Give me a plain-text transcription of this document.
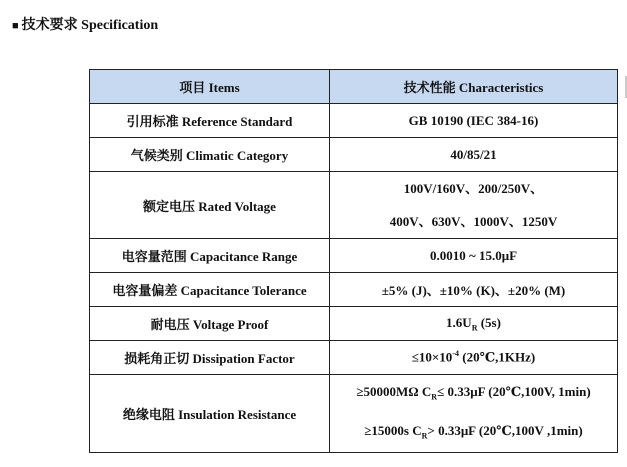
■ 技术要求 Specification
项目 Items	技术性能 Characteristics
引用标准 Reference Standard	GB 10190 (IEC 384-16)
气候类别 Climatic Category	40/85/21
额定电压 Rated Voltage	100V/160V、200/250V、
400V、630V、1000V、1250V

电容量范围 Capacitance Range	0.0010 ~ 15.0μF
电容量偏差 Capacitance Tolerance	±5% (J)、±10% (K)、±20% (M)
耐电压 Voltage Proof	$1.6U_R$ (5s)
损耗角正切 Dissipation Factor	$\le 10\times 10^{-4}$ (20℃,1KHz)
绝缘电阻 Insulation Resistance	≥50000MΩ $C_R\le 0.33\mu F$ (20℃,100V, 1min)
≥15000s $C_R> 0.33\mu F$ (20℃,100V ,1min)
